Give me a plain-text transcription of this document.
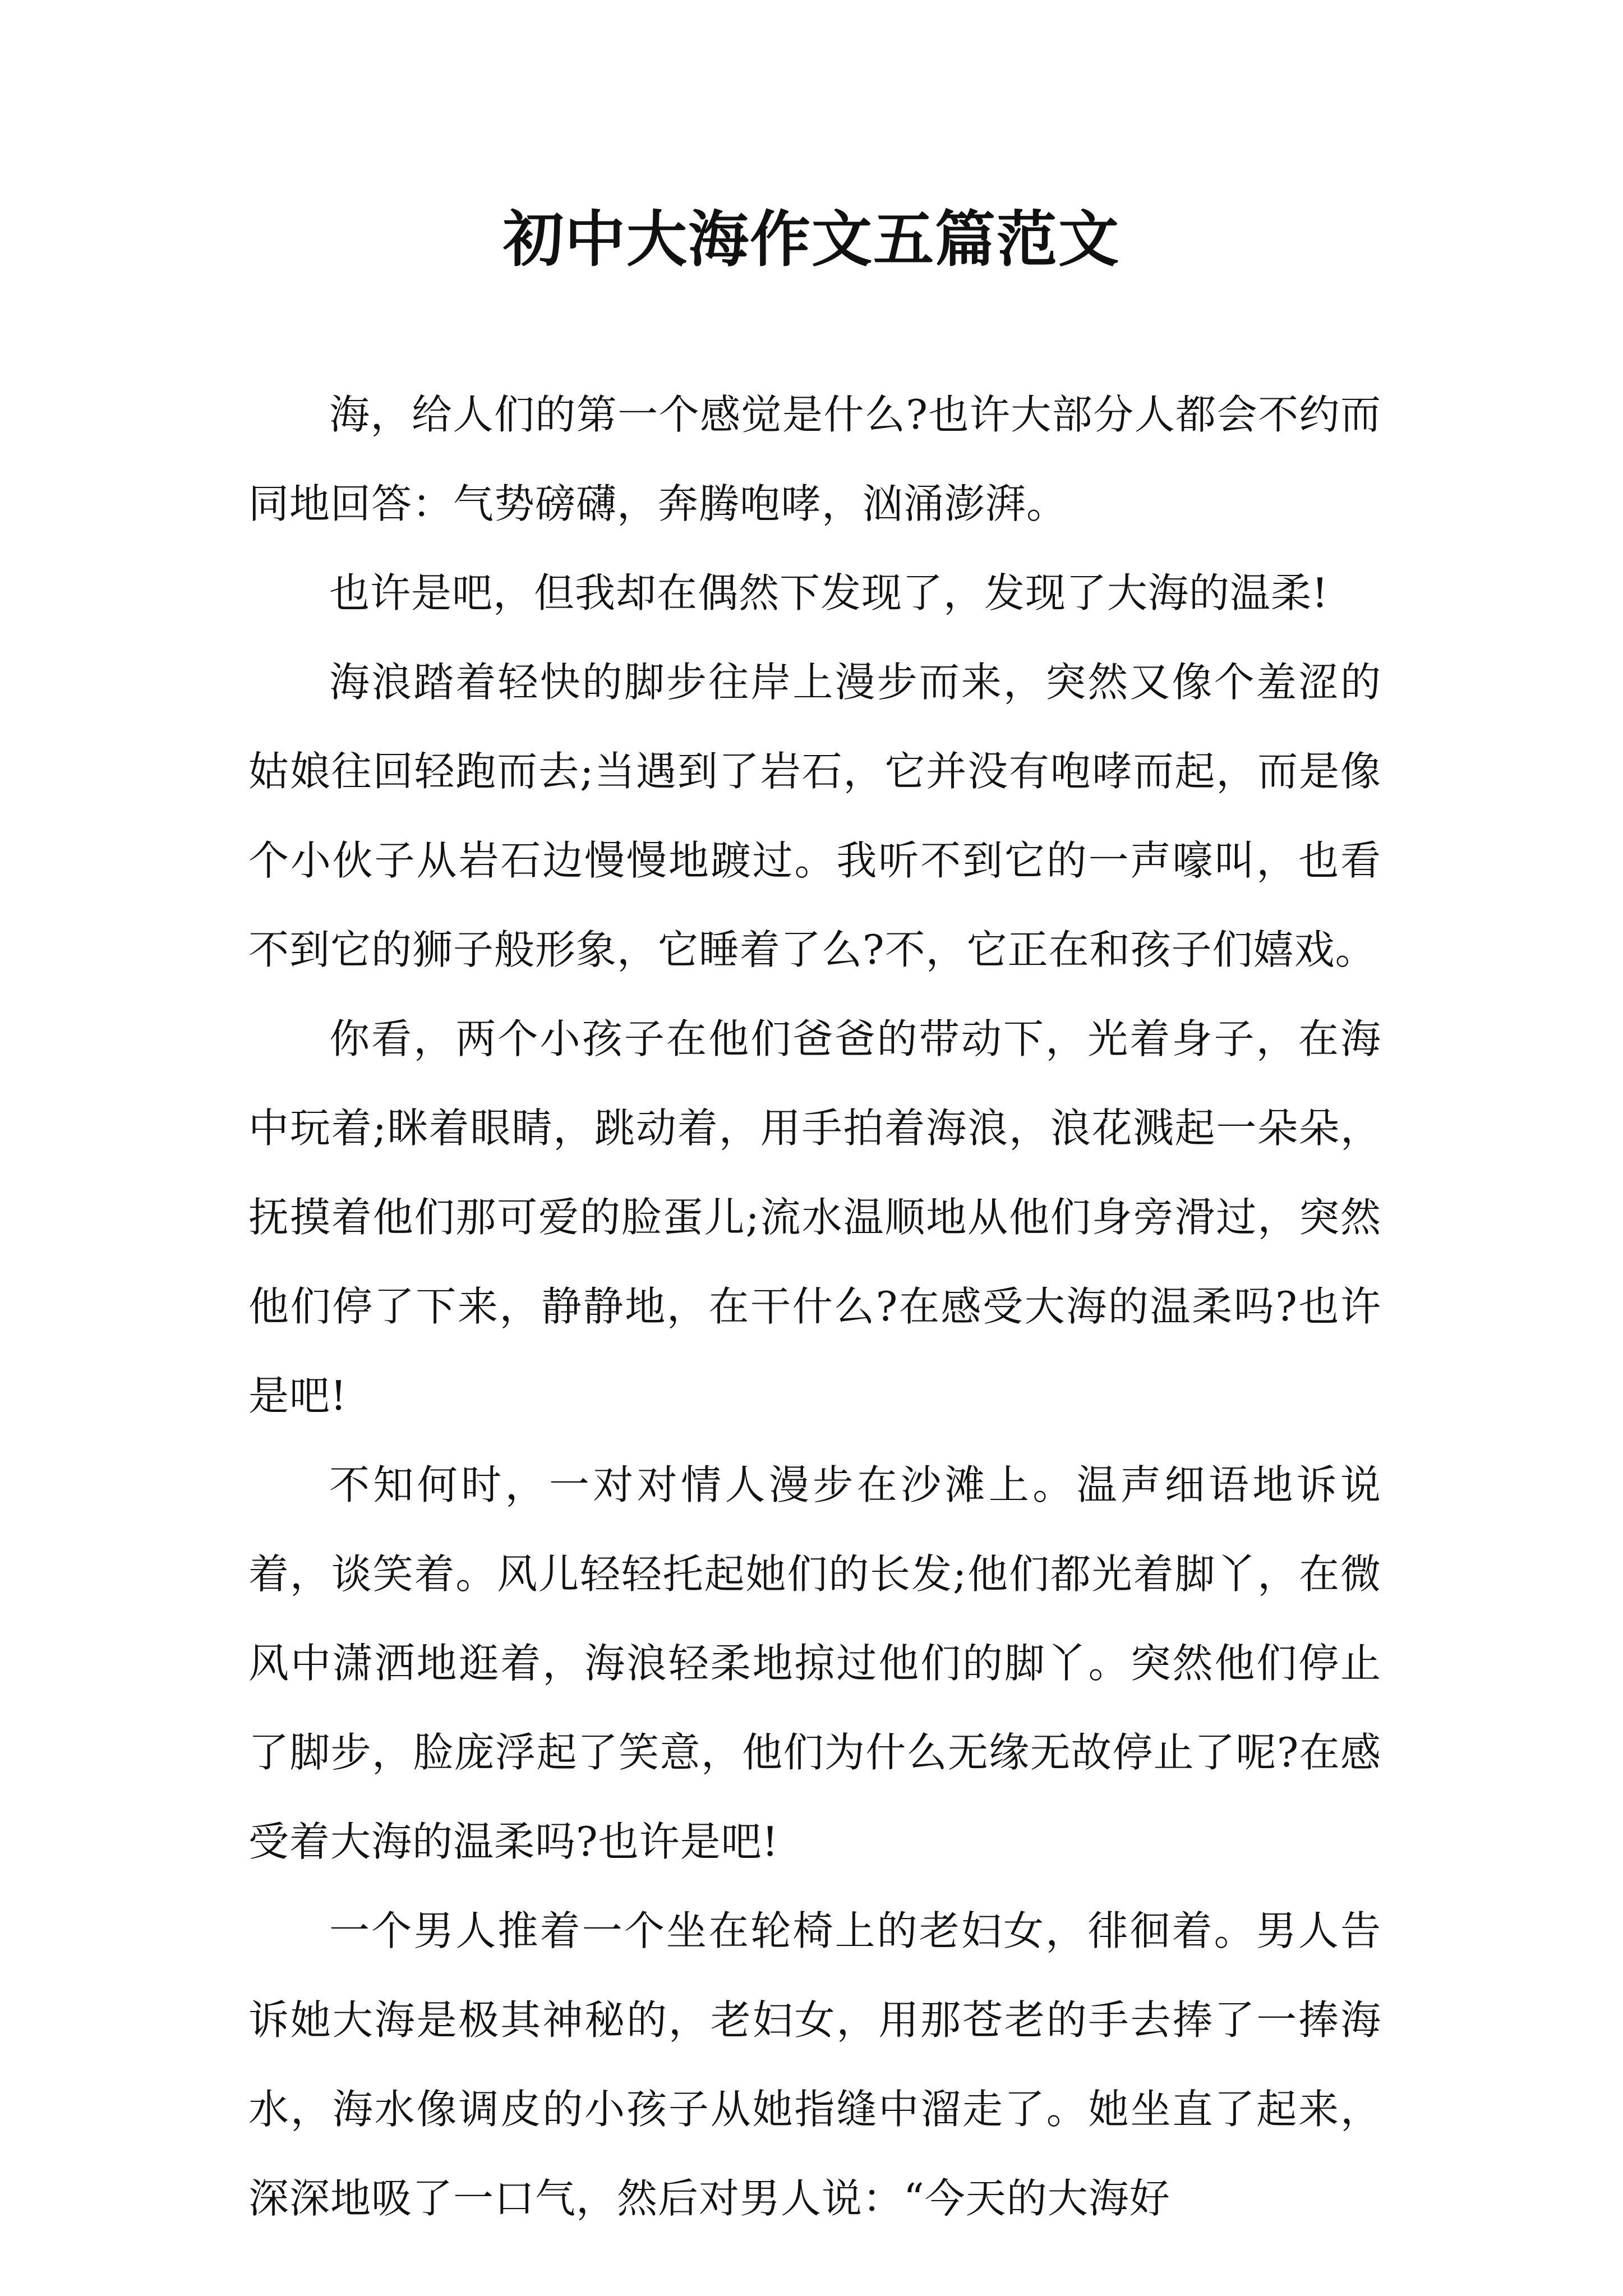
初中大海作文五篇范文

海，给人们的第一个感觉是什么?也许大部分人都会不约而同地回答：气势磅礴，奔腾咆哮，汹涌澎湃。

也许是吧，但我却在偶然下发现了，发现了大海的温柔!

海浪踏着轻快的脚步往岸上漫步而来，突然又像个羞涩的姑娘往回轻跑而去;当遇到了岩石，它并没有咆哮而起，而是像个小伙子从岩石边慢慢地踱过。我听不到它的一声嚎叫，也看不到它的狮子般形象，它睡着了么?不，它正在和孩子们嬉戏。

你看，两个小孩子在他们爸爸的带动下，光着身子，在海中玩着;眯着眼睛，跳动着，用手拍着海浪，浪花溅起一朵朵，抚摸着他们那可爱的脸蛋儿;流水温顺地从他们身旁滑过，突然他们停了下来，静静地，在干什么?在感受大海的温柔吗?也许是吧!

不知何时，一对对情人漫步在沙滩上。温声细语地诉说着，谈笑着。风儿轻轻托起她们的长发;他们都光着脚丫，在微风中潇洒地逛着，海浪轻柔地掠过他们的脚丫。突然他们停止了脚步，脸庞浮起了笑意，他们为什么无缘无故停止了呢?在感受着大海的温柔吗?也许是吧!

一个男人推着一个坐在轮椅上的老妇女，徘徊着。男人告诉她大海是极其神秘的，老妇女，用那苍老的手去捧了一捧海水，海水像调皮的小孩子从她指缝中溜走了。她坐直了起来，深深地吸了一口气，然后对男人说：“今天的大海好
